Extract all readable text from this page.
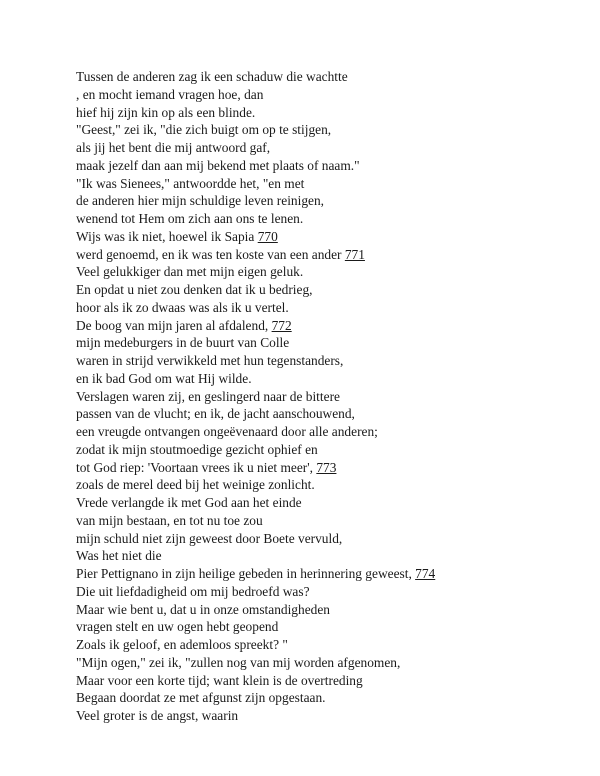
Tussen de anderen zag ik een schaduw die wachtte
, en mocht iemand vragen hoe, dan
hief hij zijn kin op als een blinde.
"Geest," zei ik, "die zich buigt om op te stijgen,
als jij het bent die mij antwoord gaf,
maak jezelf dan aan mij bekend met plaats of naam."
"Ik was Sienees," antwoordde het, "en met
de anderen hier mijn schuldige leven reinigen,
wenend tot Hem om zich aan ons te lenen.
Wijs was ik niet, hoewel ik Sapia 770
werd genoemd, en ik was ten koste van een ander 771
Veel gelukkiger dan met mijn eigen geluk.
En opdat u niet zou denken dat ik u bedrieg,
hoor als ik zo dwaas was als ik u vertel.
De boog van mijn jaren al afdalend, 772
mijn medeburgers in de buurt van Colle
waren in strijd verwikkeld met hun tegenstanders,
en ik bad God om wat Hij wilde.
Verslagen waren zij, en geslingerd naar de bittere
passen van de vlucht; en ik, de jacht aanschouwend,
een vreugde ontvangen ongeëvenaard door alle anderen;
zodat ik mijn stoutmoedige gezicht ophief en
tot God riep: 'Voortaan vrees ik u niet meer', 773
zoals de merel deed bij het weinige zonlicht.
Vrede verlangde ik met God aan het einde
van mijn bestaan, en tot nu toe zou
mijn schuld niet zijn geweest door Boete vervuld,
Was het niet die
Pier Pettignano in zijn heilige gebeden in herinnering geweest, 774
Die uit liefdadigheid om mij bedroefd was?
Maar wie bent u, dat u in onze omstandigheden
vragen stelt en uw ogen hebt geopend
Zoals ik geloof, en ademloos spreekt? "
"Mijn ogen," zei ik, "zullen nog van mij worden afgenomen,
Maar voor een korte tijd; want klein is de overtreding
Begaan doordat ze met afgunst zijn opgestaan.
Veel groter is de angst, waarin
